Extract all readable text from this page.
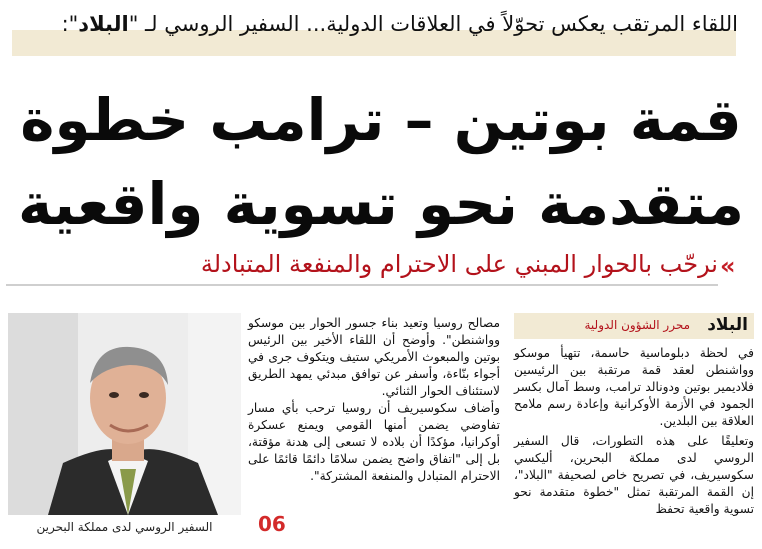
اللقاء المرتقب يعكس تحوّلاً في العلاقات الدولية... السفير الروسي لـ "البلاد":
قمة بوتين – ترامب خطوة
متقدمة نحو تسوية واقعية
نرحّب بالحوار المبني على الاحترام والمنفعة المتبادلة «
السفير الروسي لدى مملكة البحرين	06

مصالح روسيا وتعيد بناء جسور الحوار بين موسكو وواشنطن". وأوضح أن اللقاء الأخير بين الرئيس بوتين والمبعوث الأمريكي ستيف ويتكوف جرى في أجواء بنّاءة، وأسفر عن توافق مبدئي يمهد الطريق لاستئناف الحوار الثنائي.

وأضاف سكوسيريف أن روسيا ترحب بأي مسار تفاوضي يضمن أمنها القومي ويمنع عسكرة أوكرانيا، مؤكدًا أن بلاده لا تسعى إلى هدنة مؤقتة، بل إلى "اتفاق واضح يضمن سلامًا دائمًا قائمًا على الاحترام المتبادل والمنفعة المشتركة".

البلاد
محرر الشؤون الدولية

في لحظة دبلوماسية حاسمة، تتهيأ موسكو وواشنطن لعقد قمة مرتقبة بين الرئيسين فلاديمير بوتين ودونالد ترامب، وسط آمال بكسر الجمود في الأزمة الأوكرانية وإعادة رسم ملامح العلاقة بين البلدين.

وتعليقًا على هذه التطورات، قال السفير الروسي لدى مملكة البحرين، أليكسي سكوسيريف، في تصريح خاص لصحيفة "البلاد"، إن القمة المرتقبة تمثل "خطوة متقدمة نحو تسوية واقعية تحفظ
